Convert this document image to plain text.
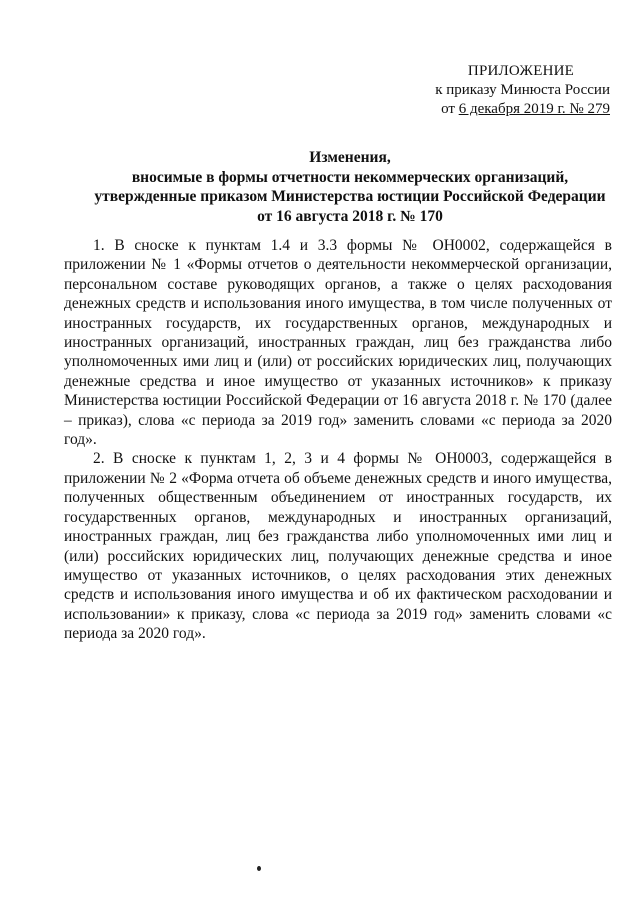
ПРИЛОЖЕНИЕ
к приказу Минюста России
от 6 декабря 2019 г. № 279
Изменения,
вносимые в формы отчетности некоммерческих организаций,
утвержденные приказом Министерства юстиции Российской Федерации
от 16 августа 2018 г. № 170

1. В сноске к пунктам 1.4 и 3.3 формы № ОН0002, содержащейся в приложении № 1 «Формы отчетов о деятельности некоммерческой организации, персональном составе руководящих органов, а также о целях расходования денежных средств и использования иного имущества, в том числе полученных от иностранных государств, их государственных органов, международных и иностранных организаций, иностранных граждан, лиц без гражданства либо уполномоченных ими лиц и (или) от российских юридических лиц, получающих денежные средства и иное имущество от указанных источников» к приказу Министерства юстиции Российской Федерации от 16 августа 2018 г. № 170 (далее – приказ), слова «с периода за 2019 год» заменить словами «с периода за 2020 год».

2. В сноске к пунктам 1, 2, 3 и 4 формы № ОН0003, содержащейся в приложении № 2 «Форма отчета об объеме денежных средств и иного имущества, полученных общественным объединением от иностранных государств, их государственных органов, международных и иностранных организаций, иностранных граждан, лиц без гражданства либо уполномоченных ими лиц и (или) российских юридических лиц, получающих денежные средства и иное имущество от указанных источников, о целях расходования этих денежных средств и использования иного имущества и об их фактическом расходовании и использовании» к приказу, слова «с периода за 2019 год» заменить словами «с периода за 2020 год».
